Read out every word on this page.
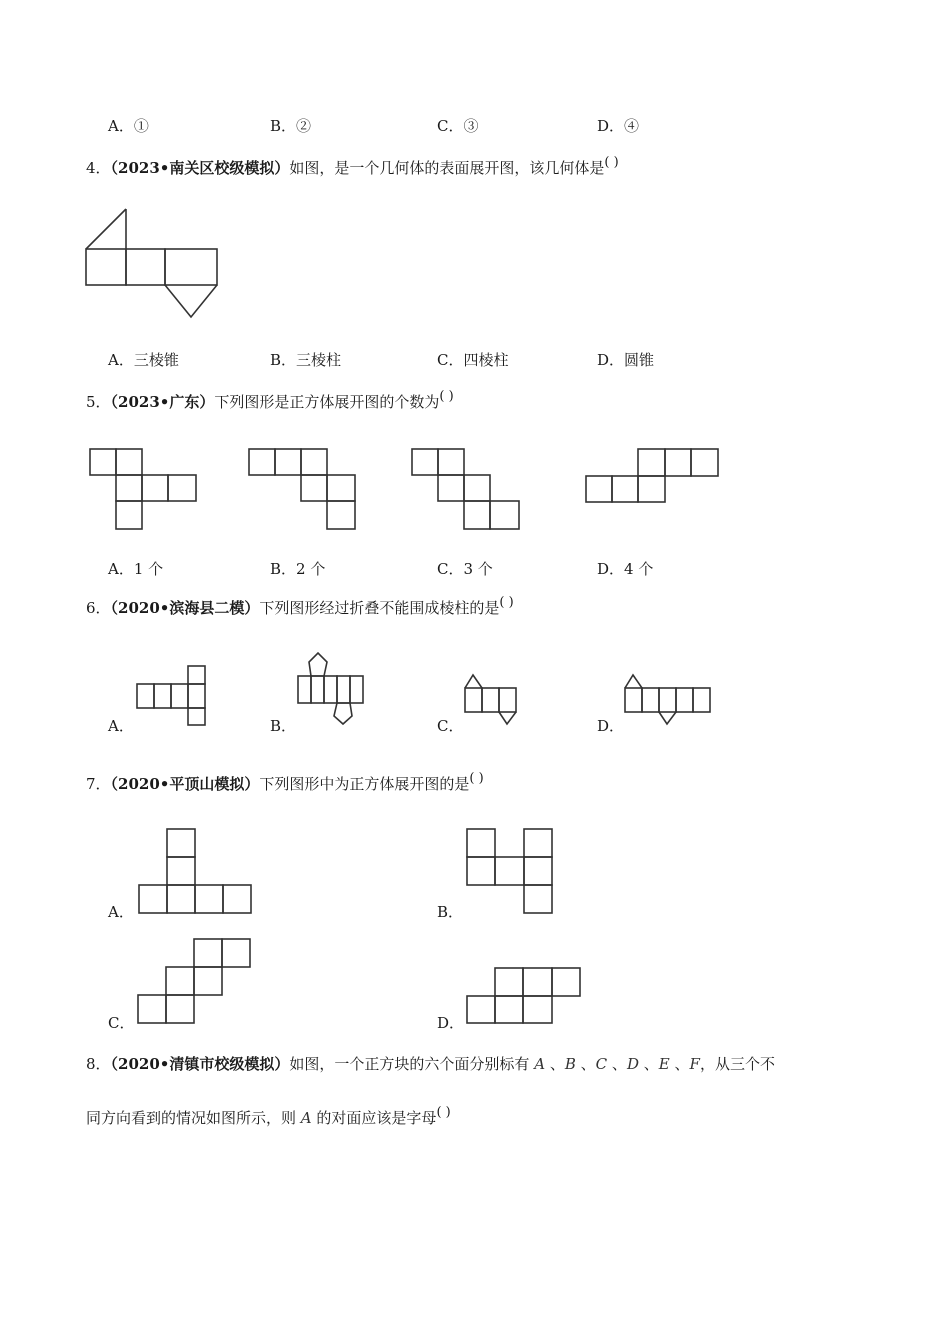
A．①	B．②	C．③	D．④
4．（2023•南关区校级模拟）如图，是一个几何体的表面展开图，该几何体是( )
A．三棱锥	B．三棱柱	C．四棱柱	D．圆锥
5．（2023•广东）下列图形是正方体展开图的个数为( )
A．1 个	B．2 个	C．3 个	D．4 个
6．（2020•滨海县二模）下列图形经过折叠不能围成棱柱的是( )
A．	B．	C．	D．
7．（2020•平顶山模拟）下列图形中为正方体展开图的是( )
A．	B．
C．	D．
8．（2020•清镇市校级模拟）如图，一个正方块的六个面分别标有 A 、B 、C 、D 、E 、F，从三个不
同方向看到的情况如图所示，则 A 的对面应该是字母( )
